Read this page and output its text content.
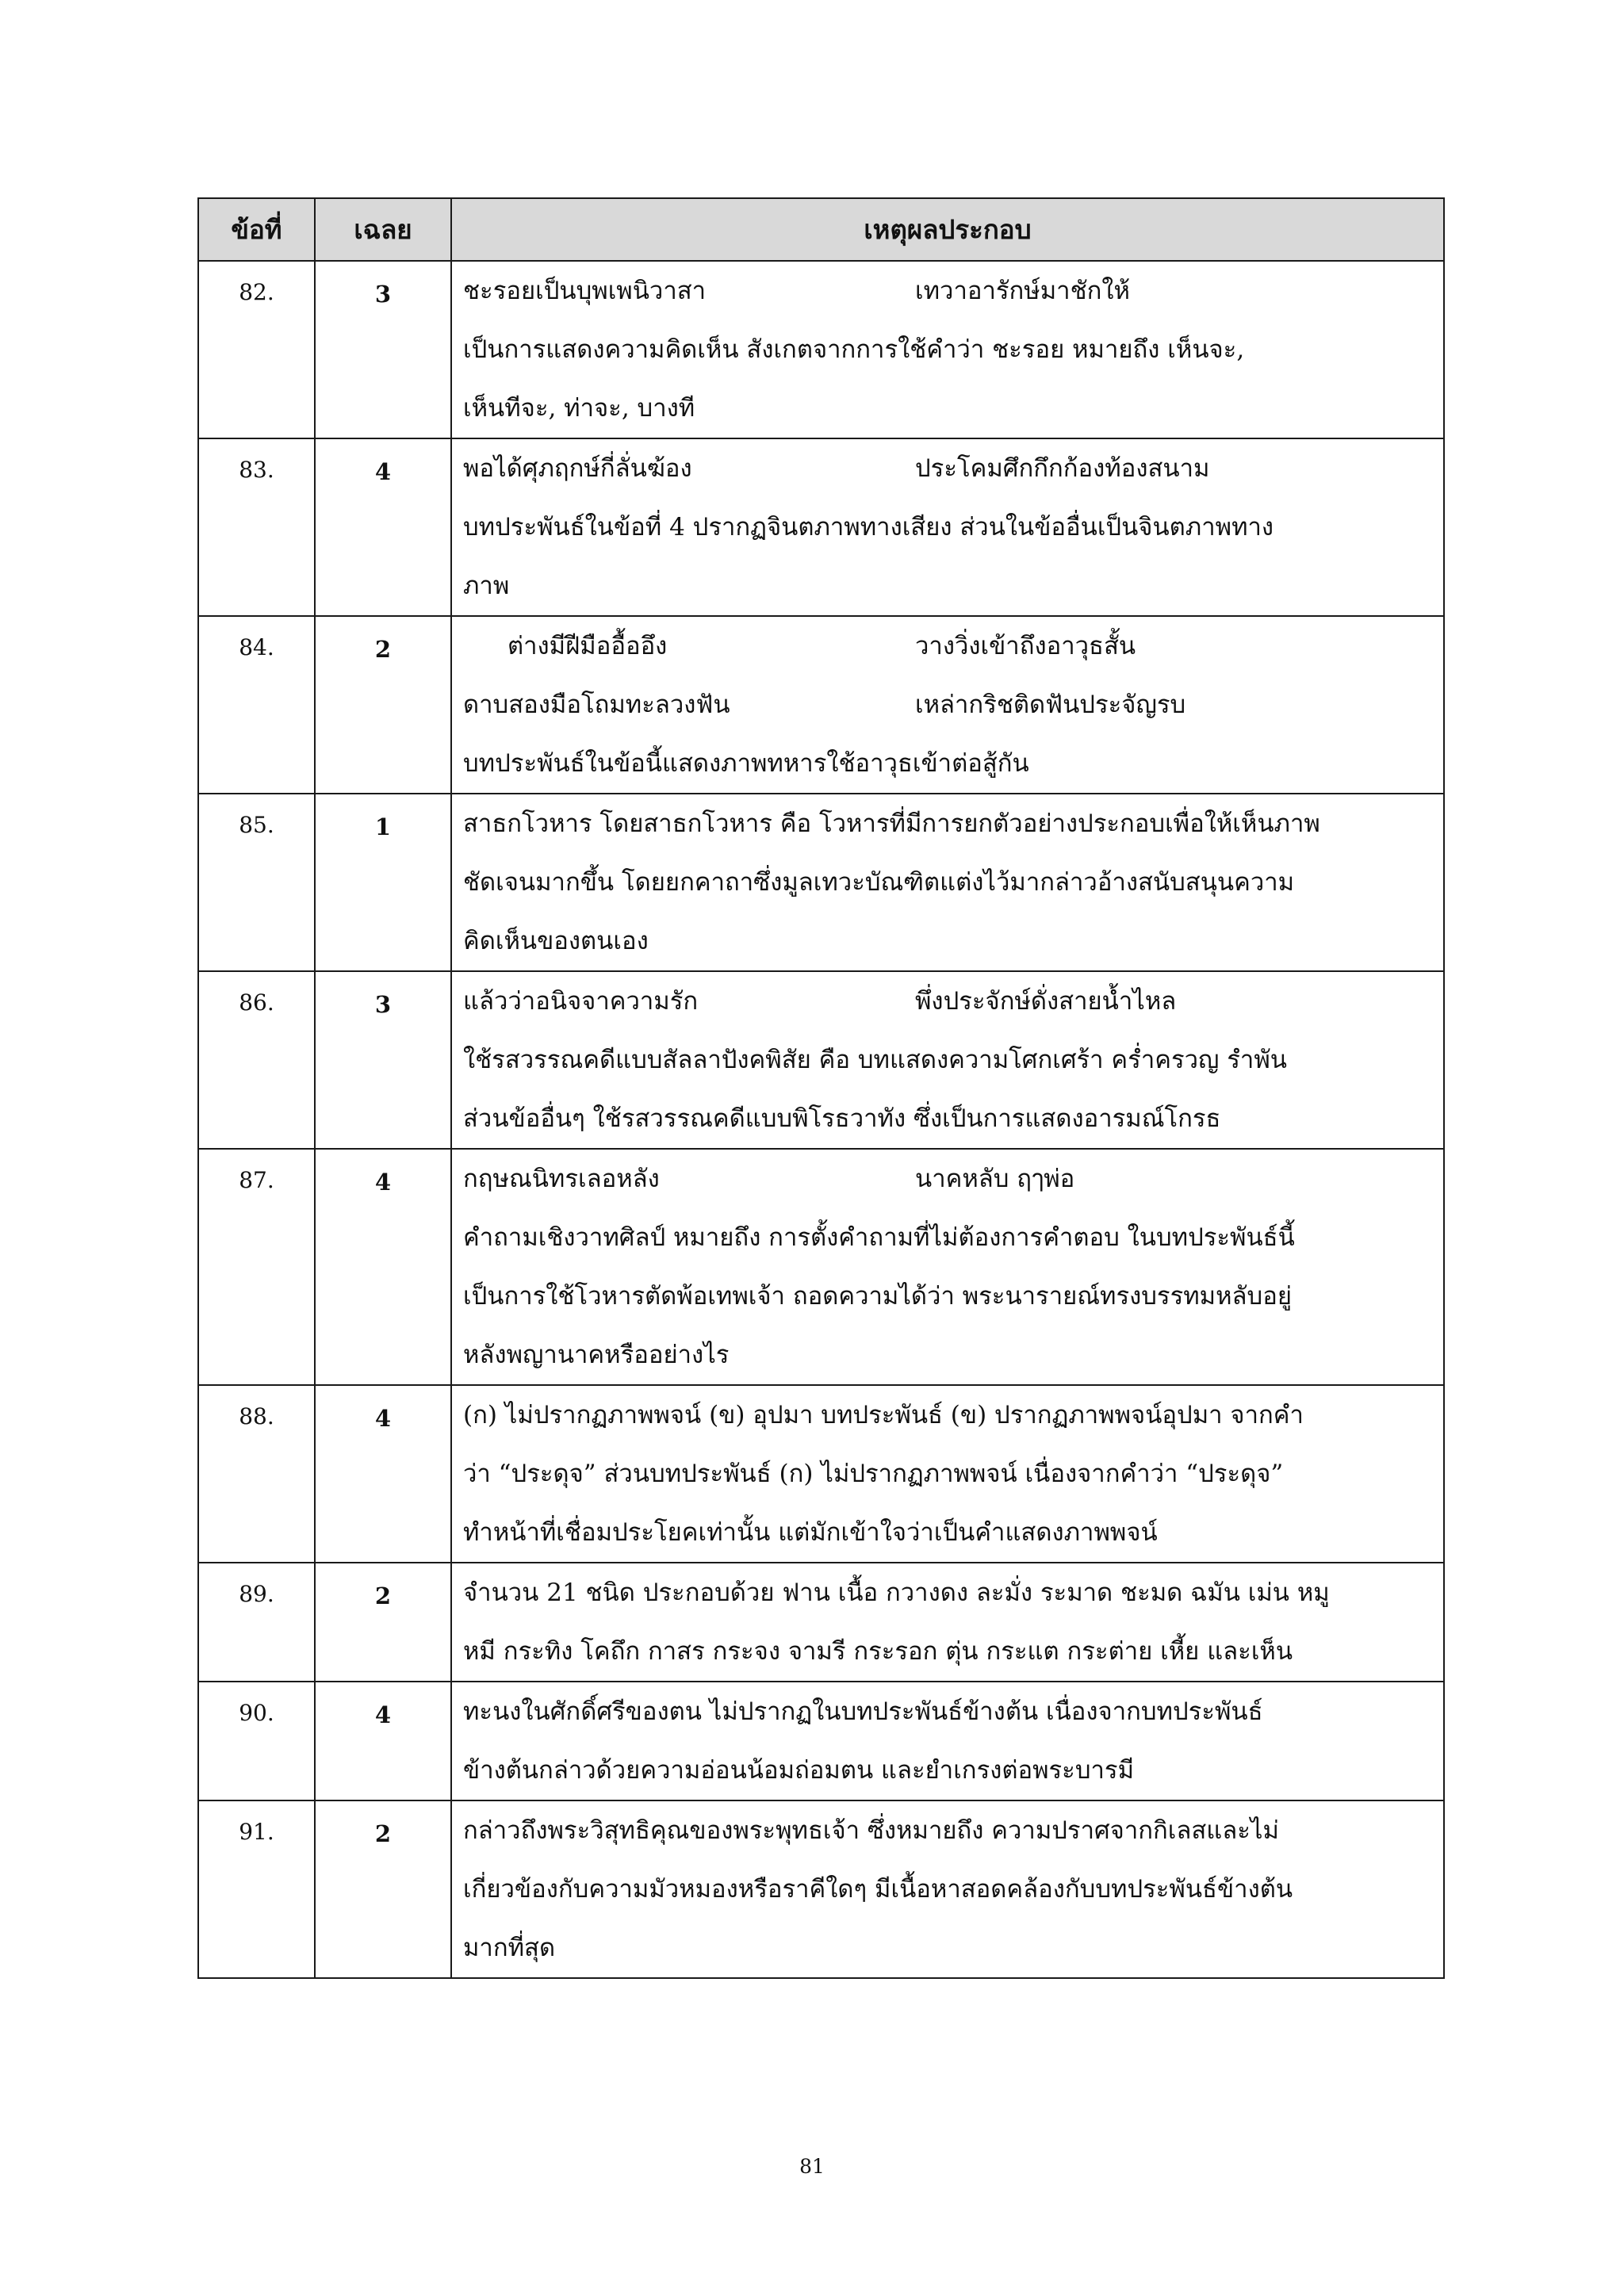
ข้อที่	เฉลย	เหตุผลประกอบ
82.	3	ชะรอยเป็นบุพเพนิวาสา เทวาอารักษ์มาชักให้
เป็นการแสดงความคิดเห็น สังเกตจากการใช้คำว่า ชะรอย หมายถึง เห็นจะ,
เห็นทีจะ, ท่าจะ, บางที

83.	4	พอได้ศุภฤกษ์กี่ลั่นฆ้อง ประโคมศึกกึกก้องท้องสนาม
บทประพันธ์ในข้อที่ 4 ปรากฏจินตภาพทางเสียง ส่วนในข้ออื่นเป็นจินตภาพทาง
ภาพ

84.	2	ต่างมีฝีมืออื้ออึง วางวิ่งเข้าถึงอาวุธสั้น
ดาบสองมือโถมทะลวงฟัน เหล่ากริชติดฟันประจัญรบ
บทประพันธ์ในข้อนี้แสดงภาพทหารใช้อาวุธเข้าต่อสู้กัน

85.	1	สาธกโวหาร โดยสาธกโวหาร คือ โวหารที่มีการยกตัวอย่างประกอบเพื่อให้เห็นภาพ
ชัดเจนมากขึ้น โดยยกคาถาซึ่งมูลเทวะบัณฑิตแต่งไว้มากล่าวอ้างสนับสนุนความ
คิดเห็นของตนเอง

86.	3	แล้วว่าอนิจจาความรัก พึ่งประจักษ์ดั่งสายน้ำไหล
ใช้รสวรรณคดีแบบสัลลาปังคพิสัย คือ บทแสดงความโศกเศร้า คร่ำครวญ รำพัน
ส่วนข้ออื่นๆ ใช้รสวรรณคดีแบบพิโรธวาทัง ซึ่งเป็นการแสดงอารมณ์โกรธ

87.	4	กฤษณนิทรเลอหลัง นาคหลับ ฤๅพ่อ
คำถามเชิงวาทศิลป์ หมายถึง การตั้งคำถามที่ไม่ต้องการคำตอบ ในบทประพันธ์นี้
เป็นการใช้โวหารตัดพ้อเทพเจ้า ถอดความได้ว่า พระนารายณ์ทรงบรรทมหลับอยู่
หลังพญานาคหรืออย่างไร

88.	4	(ก) ไม่ปรากฏภาพพจน์ (ข) อุปมา บทประพันธ์ (ข) ปรากฏภาพพจน์อุปมา จากคำ
ว่า “ประดุจ” ส่วนบทประพันธ์ (ก) ไม่ปรากฏภาพพจน์ เนื่องจากคำว่า “ประดุจ”
ทำหน้าที่เชื่อมประโยคเท่านั้น แต่มักเข้าใจว่าเป็นคำแสดงภาพพจน์

89.	2	จำนวน 21 ชนิด ประกอบด้วย ฟาน เนื้อ กวางดง ละมั่ง ระมาด ชะมด ฉมัน เม่น หมู
หมี กระทิง โคถึก กาสร กระจง จามรี กระรอก ตุ่น กระแต กระต่าย เหี้ย และเห็น

90.	4	ทะนงในศักดิ์ศรีของตน ไม่ปรากฏในบทประพันธ์ข้างต้น เนื่องจากบทประพันธ์
ข้างต้นกล่าวด้วยความอ่อนน้อมถ่อมตน และยำเกรงต่อพระบารมี

91.	2	กล่าวถึงพระวิสุทธิคุณของพระพุทธเจ้า ซึ่งหมายถึง ความปราศจากกิเลสและไม่
เกี่ยวข้องกับความมัวหมองหรือราคีใดๆ มีเนื้อหาสอดคล้องกับบทประพันธ์ข้างต้น
มากที่สุด
81
